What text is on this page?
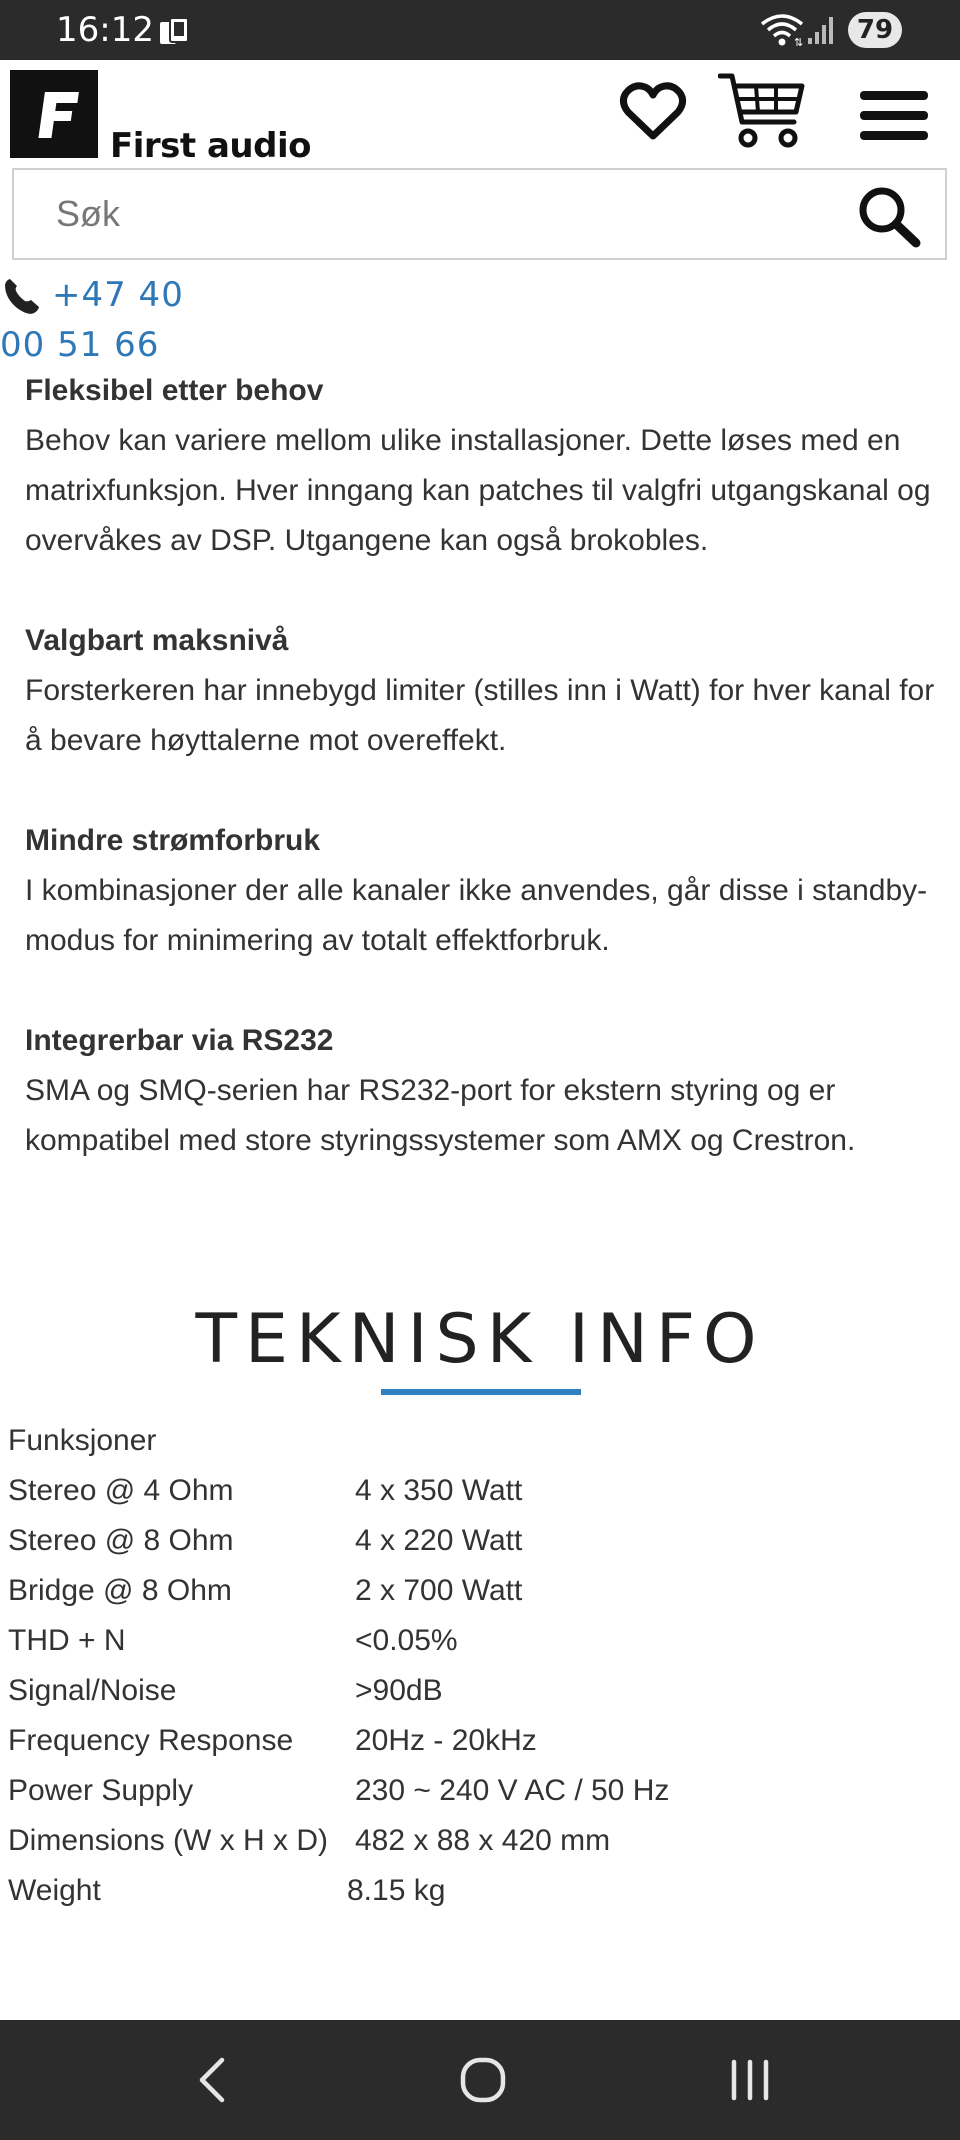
16:12	⇅	79
First audio
Søk
+47 40 00 51 66
Fleksibel etter behov

Behov kan variere mellom ulike installasjoner. Dette løses med en matrixfunksjon. Hver inngang kan patches til valgfri utgangskanal og overvåkes av DSP. Utgangene kan også brokobles.

Valgbart maksnivå

Forsterkeren har innebygd limiter (stilles inn i Watt) for hver kanal for å bevare høyttalerne mot overeffekt.

Mindre strømforbruk

I kombinasjoner der alle kanaler ikke anvendes, går disse i standby-modus for minimering av totalt effektforbruk.

Integrerbar via RS232

SMA og SMQ-serien har RS232-port for ekstern styring og er kompatibel med store styringssystemer som AMX og Crestron.

TEKNISK INFO
Funksjoner	
Stereo @ 4 Ohm	4 x 350 Watt
Stereo @ 8 Ohm	4 x 220 Watt
Bridge @ 8 Ohm	2 x 700 Watt
THD + N	<0.05%
Signal/Noise	>90dB
Frequency Response	20Hz - 20kHz
Power Supply	230 ~ 240 V AC / 50 Hz
Dimensions (W x H x D)	482 x 88 x 420 mm
Weight	8.15 kg
